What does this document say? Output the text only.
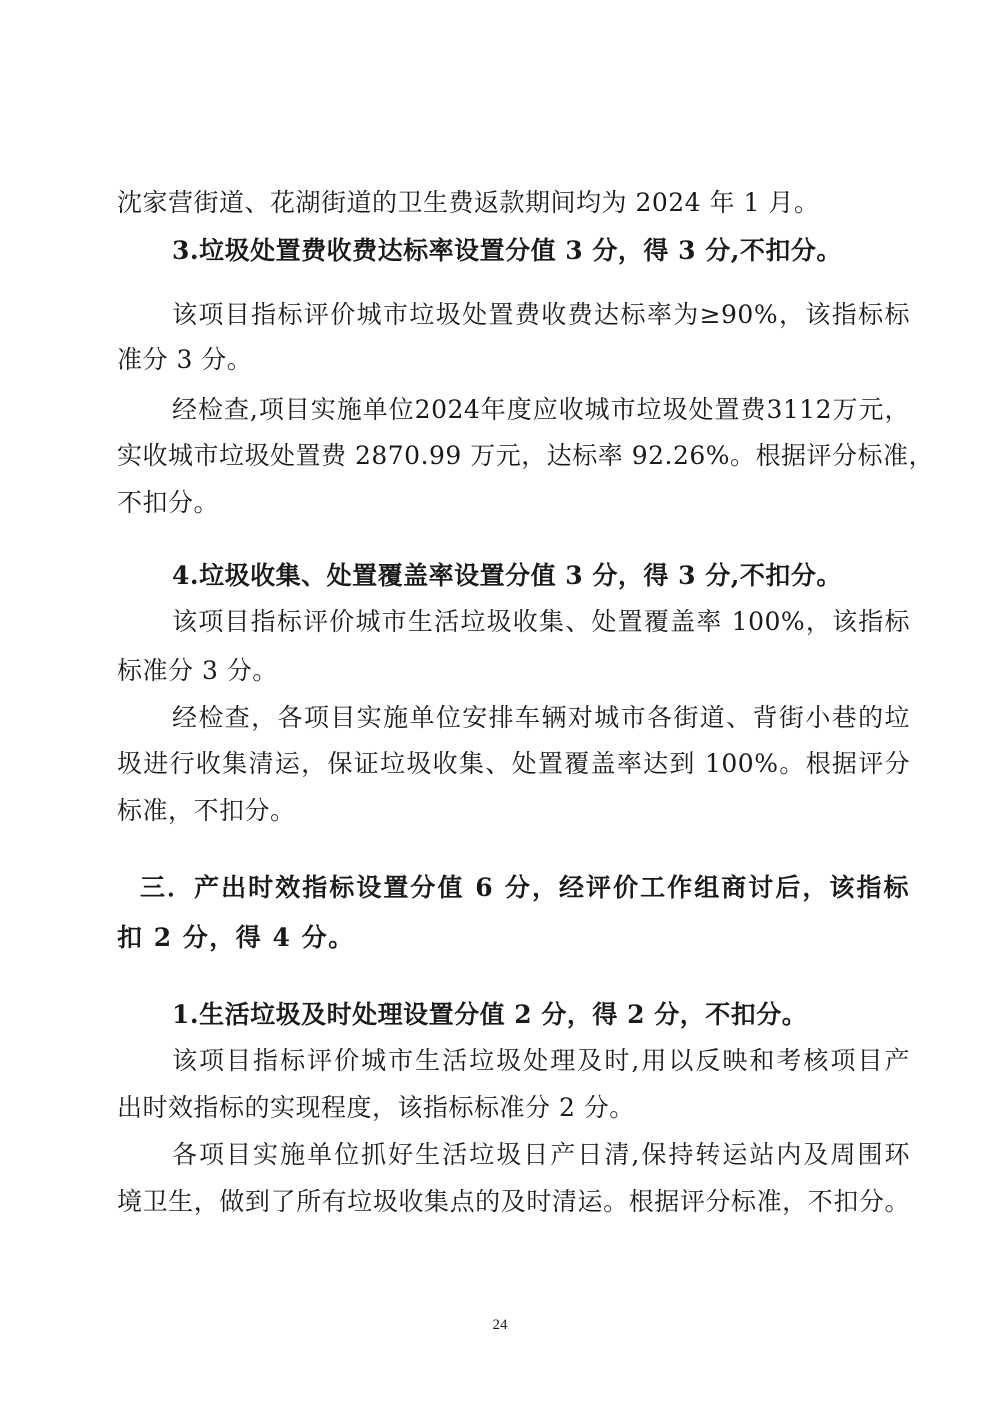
沈家营街道、花湖街道的卫生费返款期间均为 2024 年 1 月。
3.垃圾处置费收费达标率设置分值 3 分，得 3 分,不扣分。
该项目指标评价城市垃圾处置费收费达标率为≥90%，该指标标
准分 3 分。
经检查,项目实施单位2024年度应收城市垃圾处置费3112万元，
实收城市垃圾处置费 2870.99 万元，达标率 92.26%。根据评分标准，
不扣分。
4.垃圾收集、处置覆盖率设置分值 3 分，得 3 分,不扣分。
该项目指标评价城市生活垃圾收集、处置覆盖率 100%，该指标
标准分 3 分。
经检查，各项目实施单位安排车辆对城市各街道、背街小巷的垃
圾进行收集清运，保证垃圾收集、处置覆盖率达到 100%。根据评分
标准，不扣分。
三．产出时效指标设置分值 6 分，经评价工作组商讨后，该指标
扣 2 分，得 4 分。
1.生活垃圾及时处理设置分值 2 分，得 2 分，不扣分。
该项目指标评价城市生活垃圾处理及时,用以反映和考核项目产
出时效指标的实现程度，该指标标准分 2 分。
各项目实施单位抓好生活垃圾日产日清,保持转运站内及周围环
境卫生，做到了所有垃圾收集点的及时清运。根据评分标准，不扣分。
24
